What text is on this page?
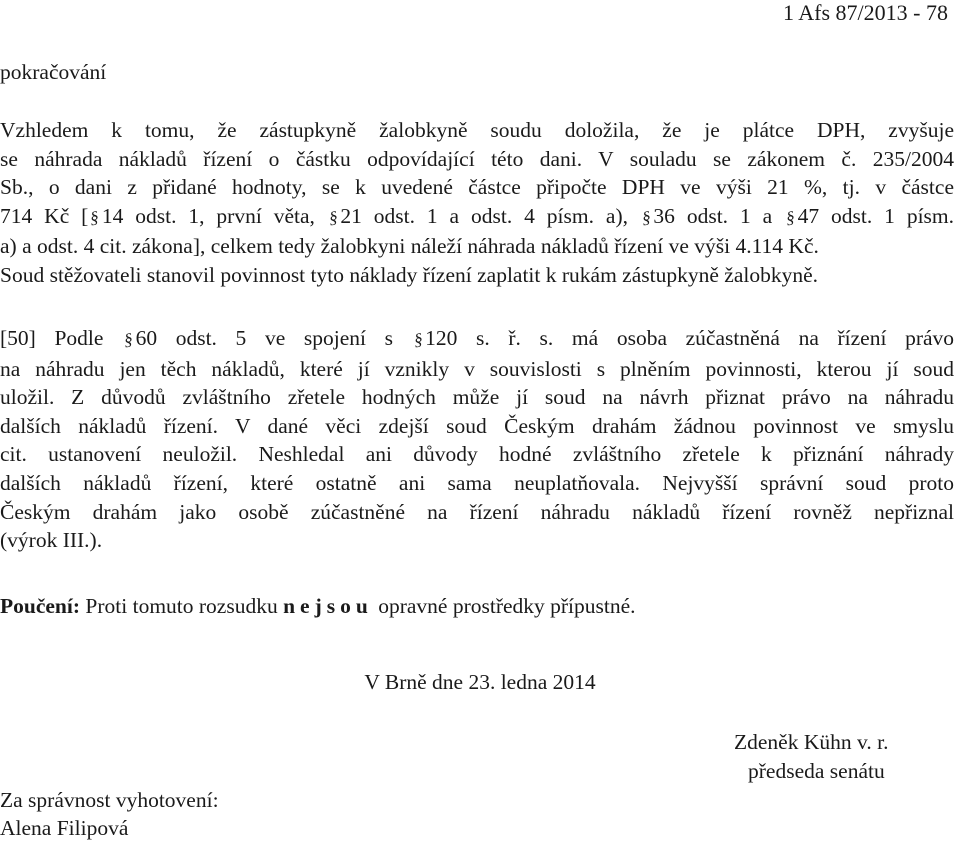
1 Afs 87/2013 - 78
pokračování
Vzhledem k tomu, že zástupkyně žalobkyně soudu doložila, že je plátce DPH, zvyšuje
se náhrada nákladů řízení o částku odpovídající této dani. V souladu se zákonem č. 235/2004
Sb., o dani z přidané hodnoty, se k uvedené částce připočte DPH ve výši 21 %, tj. v částce
714 Kč [§14 odst. 1, první věta, §21 odst. 1 a odst. 4 písm. a), §36 odst. 1 a §47 odst. 1 písm.
a) a odst. 4 cit. zákona], celkem tedy žalobkyni náleží náhrada nákladů řízení ve výši 4.114 Kč.
Soud stěžovateli stanovil povinnost tyto náklady řízení zaplatit k rukám zástupkyně žalobkyně.
[50] Podle §60 odst. 5 ve spojení s §120 s. ř. s. má osoba zúčastněná na řízení právo
na náhradu jen těch nákladů, které jí vznikly v souvislosti s plněním povinnosti, kterou jí soud
uložil. Z důvodů zvláštního zřetele hodných může jí soud na návrh přiznat právo na náhradu
dalších nákladů řízení. V dané věci zdejší soud Českým drahám žádnou povinnost ve smyslu
cit. ustanovení neuložil. Neshledal ani důvody hodné zvláštního zřetele k přiznání náhrady
dalších nákladů řízení, které ostatně ani sama neuplatňovala. Nejvyšší správní soud proto
Českým drahám jako osobě zúčastněné na řízení náhradu nákladů řízení rovněž nepřiznal
(výrok III.).
Poučení: Proti tomuto rozsudku nejsou opravné prostředky přípustné.
V Brně dne 23. ledna 2014
Zdeněk Kühn v. r.
předseda senátu
Za správnost vyhotovení:
Alena Filipová
